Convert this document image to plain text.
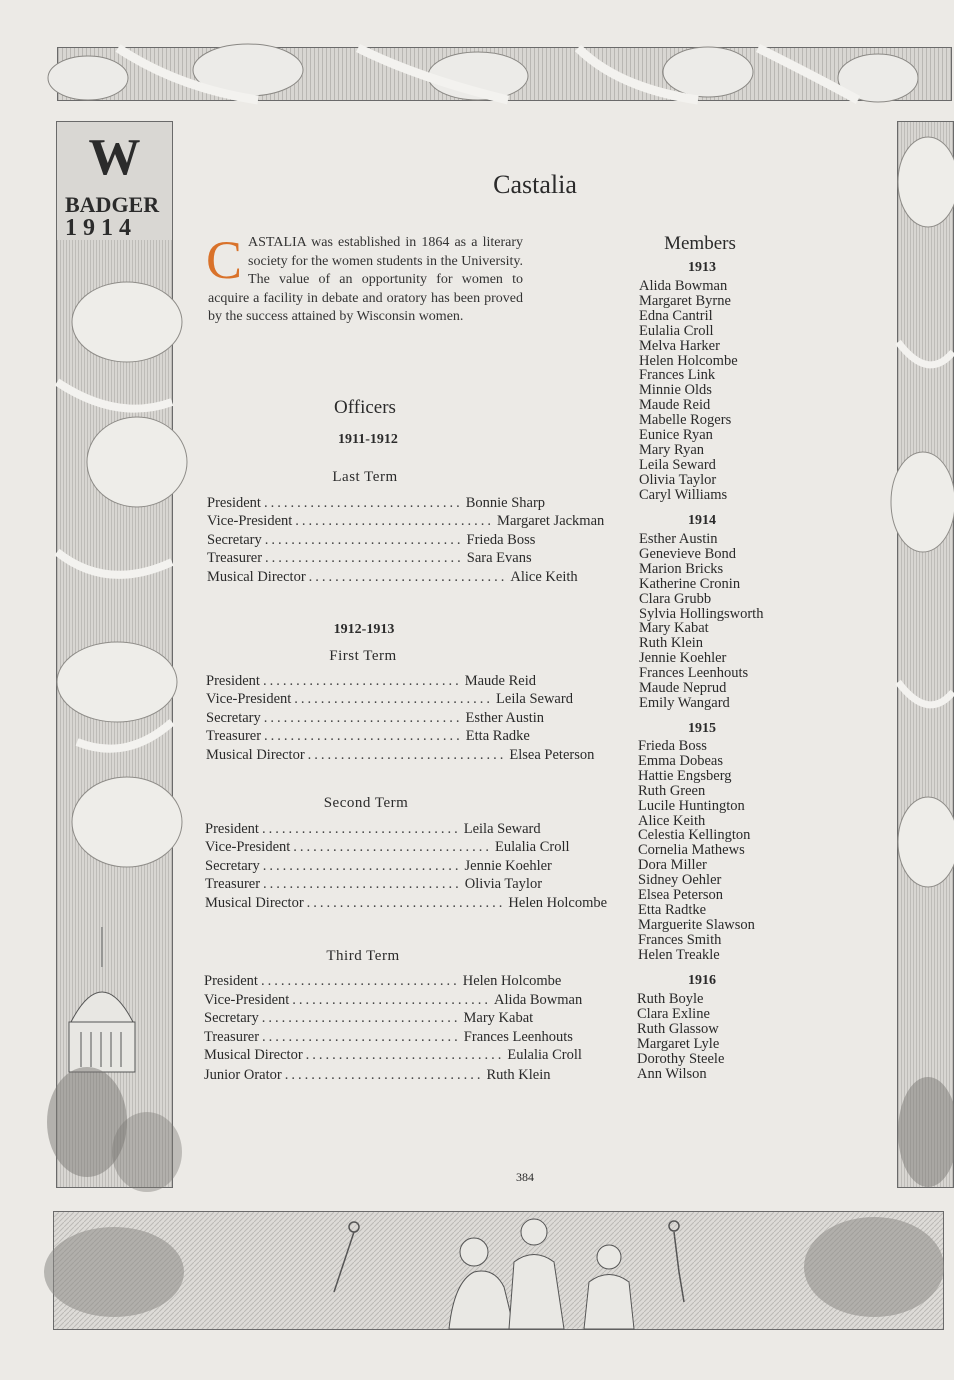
W
BADGER
1914
Castalia
CASTALIA was established in 1864 as a literary society for the women students in the University. The value of an opportunity for women to acquire a facility in debate and oratory has been proved by the success attained by Wisconsin women.
Officers
1911-1912
Last Term
President .............................. Bonnie Sharp
Vice-President .............................. Margaret Jackman
Secretary .............................. Frieda Boss
Treasurer .............................. Sara Evans
Musical Director .............................. Alice Keith
1912-1913
First Term
President .............................. Maude Reid
Vice-President .............................. Leila Seward
Secretary .............................. Esther Austin
Treasurer .............................. Etta Radke
Musical Director .............................. Elsea Peterson
Second Term
President .............................. Leila Seward
Vice-President .............................. Eulalia Croll
Secretary .............................. Jennie Koehler
Treasurer .............................. Olivia Taylor
Musical Director .............................. Helen Holcombe
Third Term
President .............................. Helen Holcombe
Vice-President .............................. Alida Bowman
Secretary .............................. Mary Kabat
Treasurer .............................. Frances Leenhouts
Musical Director .............................. Eulalia Croll
Junior Orator .............................. Ruth Klein
Members
1913
Alida Bowman
Margaret Byrne
Edna Cantril
Eulalia Croll
Melva Harker
Helen Holcombe
Frances Link
Minnie Olds
Maude Reid
Mabelle Rogers
Eunice Ryan
Mary Ryan
Leila Seward
Olivia Taylor
Caryl Williams
1914
Esther Austin
Genevieve Bond
Marion Bricks
Katherine Cronin
Clara Grubb
Sylvia Hollingsworth
Mary Kabat
Ruth Klein
Jennie Koehler
Frances Leenhouts
Maude Neprud
Emily Wangard
1915
Frieda Boss
Emma Dobeas
Hattie Engsberg
Ruth Green
Lucile Huntington
Alice Keith
Celestia Kellington
Cornelia Mathews
Dora Miller
Sidney Oehler
Elsea Peterson
Etta Radtke
Marguerite Slawson
Frances Smith
Helen Treakle
1916
Ruth Boyle
Clara Exline
Ruth Glassow
Margaret Lyle
Dorothy Steele
Ann Wilson
384
